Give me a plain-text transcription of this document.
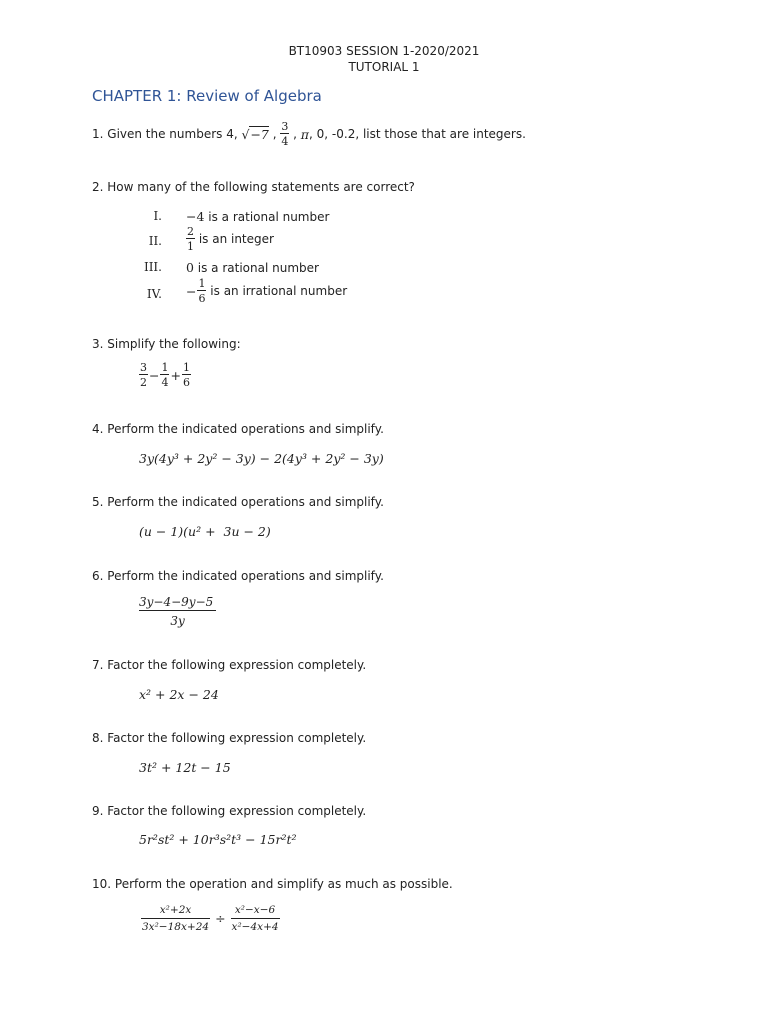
BT10903 SESSION 1-2020/2021
TUTORIAL 1
CHAPTER 1: Review of Algebra
1. Given the numbers 4, √−7 , $\frac{3}{4}$ , π , 0, -0.2, list those that are integers.
2. How many of the following statements are correct?
I. −4 is a rational number
II. $\frac{2}{1}$ is an integer
III. 0 is a rational number
IV. − $\frac{1}{6}$ is an irrational number
3. Simplify the following:
$\frac{3}{2} - \frac{1}{4} + \frac{1}{6}$
4. Perform the indicated operations and simplify.
3y(4y³ + 2y² − 3y) − 2(4y³ + 2y² − 3y)
5. Perform the indicated operations and simplify.
(u − 1)(u² +  3u − 2)
6. Perform the indicated operations and simplify.
$\frac{3y-4-9y-5}{3y}$
7. Factor the following expression completely.
x² + 2x − 24
8. Factor the following expression completely.
3t² + 12t − 15
9. Factor the following expression completely.
5r²st² + 10r³s²t³ − 15r²t²
10. Perform the operation and simplify as much as possible.
$\frac{\text{x²+2x}}{\text{3x²−18x+24}} \div \frac{\text{x²−x−6}}{\text{x²−4x+4}}$
